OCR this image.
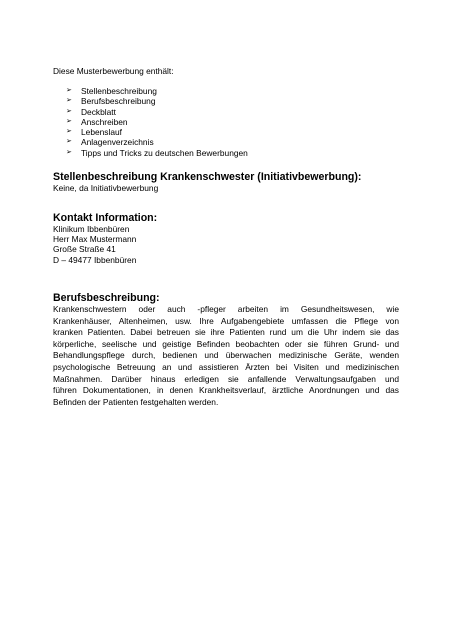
Diese Musterbewerbung enthält:

➢	Stellenbeschreibung
➢	Berufsbeschreibung
➢	Deckblatt
➢	Anschreiben
➢	Lebenslauf
➢	Anlagenverzeichnis
➢	Tipps und Tricks zu deutschen Bewerbungen
Stellenbeschreibung Krankenschwester (Initiativbewerbung):

Keine, da Initiativbewerbung

Kontakt Information:

Klinikum Ibbenbüren

Herr Max Mustermann

Große Straße 41

D – 49477 Ibbenbüren

Berufsbeschreibung:

Krankenschwestern oder auch -pfleger arbeiten im Gesundheitswesen, wie
Krankenhäuser, Altenheimen, usw. Ihre Aufgabengebiete umfassen die Pflege von
kranken Patienten. Dabei betreuen sie ihre Patienten rund um die Uhr indem sie das
körperliche, seelische und geistige Befinden beobachten oder sie führen Grund- und
Behandlungspflege durch, bedienen und überwachen medizinische Geräte, wenden
psychologische Betreuung an und assistieren Ärzten bei Visiten und medizinischen
Maßnahmen. Darüber hinaus erledigen sie anfallende Verwaltungsaufgaben und
führen Dokumentationen, in denen Krankheitsverlauf, ärztliche Anordnungen und das
Befinden der Patienten festgehalten werden.
